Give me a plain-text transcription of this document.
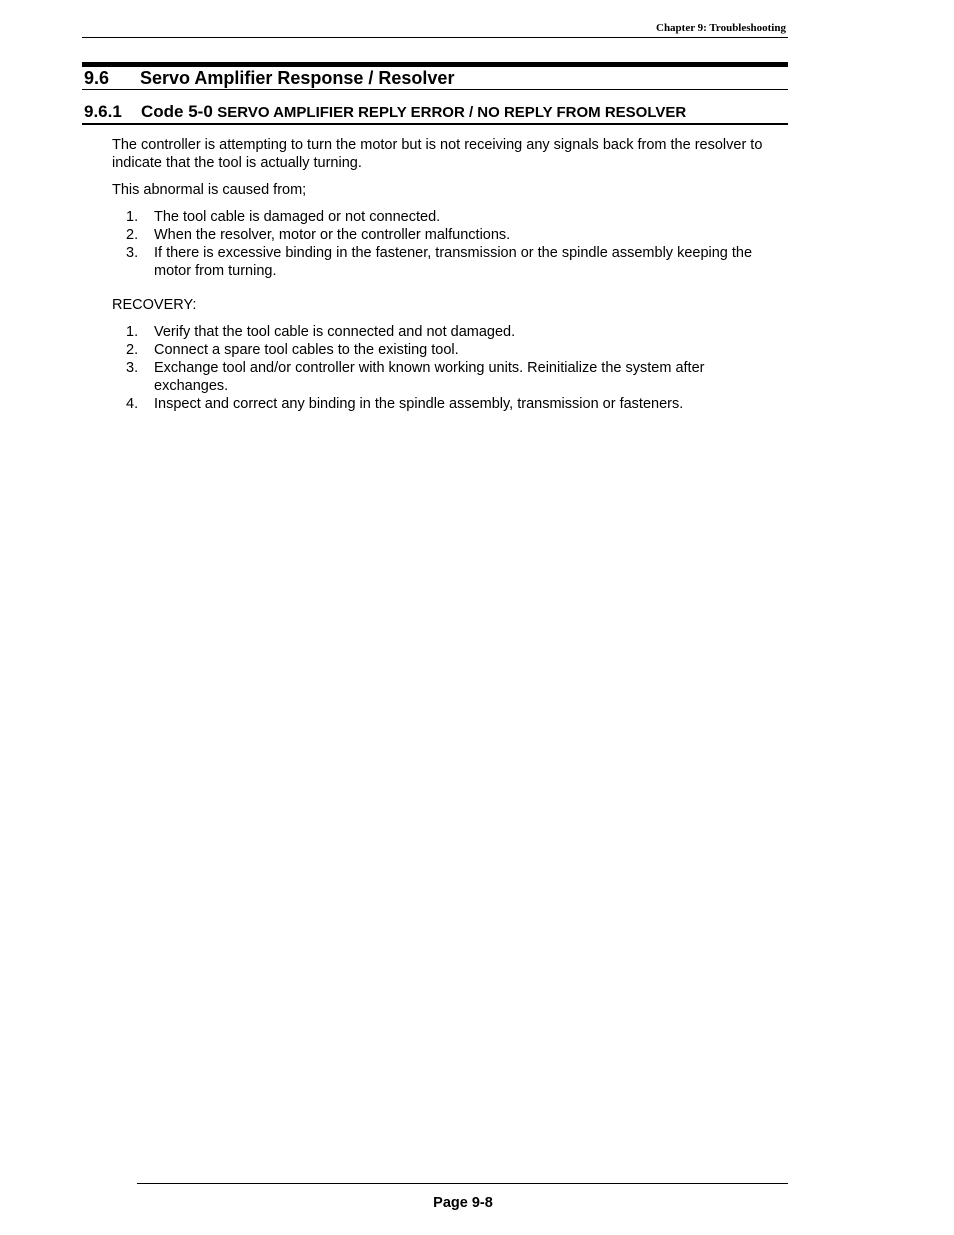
Chapter 9: Troubleshooting
9.6 Servo Amplifier Response / Resolver
9.6.1 Code 5-0 SERVO AMPLIFIER REPLY ERROR / NO REPLY FROM RESOLVER

The controller is attempting to turn the motor but is not receiving any signals back from the resolver to indicate that the tool is actually turning.

This abnormal is caused from;

1. The tool cable is damaged or not connected.
2. When the resolver, motor or the controller malfunctions.
3. If there is excessive binding in the fastener, transmission or the spindle assembly keeping the motor from turning.

RECOVERY:

1. Verify that the tool cable is connected and not damaged.
2. Connect a spare tool cables to the existing tool.
3. Exchange tool and/or controller with known working units. Reinitialize the system after exchanges.
4. Inspect and correct any binding in the spindle assembly, transmission or fasteners.
Page 9-8
